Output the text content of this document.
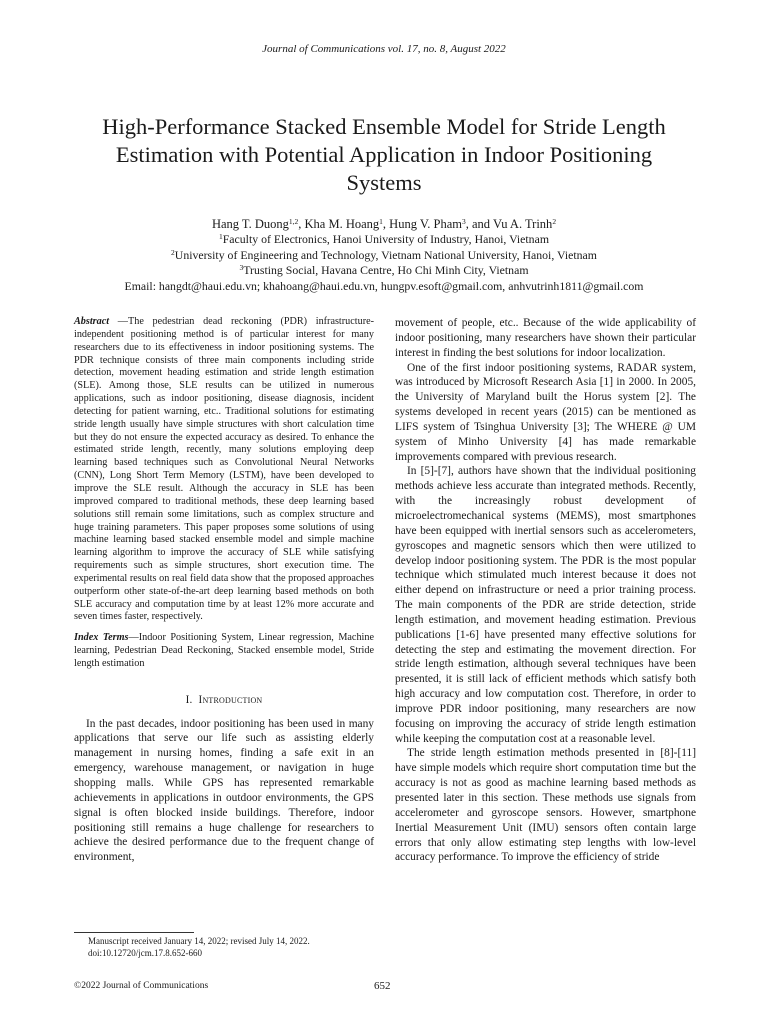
Journal of Communications vol. 17, no. 8, August 2022
High-Performance Stacked Ensemble Model for Stride Length Estimation with Potential Application in Indoor Positioning Systems
Hang T. Duong$^{1,2}$, Kha M. Hoang$^1$, Hung V. Pham$^3$, and Vu A. Trinh$^2$
$^1$Faculty of Electronics, Hanoi University of Industry, Hanoi, Vietnam
$^2$University of Engineering and Technology, Vietnam National University, Hanoi, Vietnam
$^3$Trusting Social, Havana Centre, Ho Chi Minh City, Vietnam
Email: hangdt@haui.edu.vn; khahoang@haui.edu.vn, hungpv.esoft@gmail.com, anhvutrinh1811@gmail.com

Abstract —The pedestrian dead reckoning (PDR) infrastructure-independent positioning method is of particular interest for many researchers due to its effectiveness in indoor positioning systems. The PDR technique consists of three main components including stride detection, movement heading estimation and stride length estimation (SLE). Among those, SLE results can be utilized in numerous applications, such as indoor positioning, disease diagnosis, incident detecting for patient warning, etc.. Traditional solutions for estimating stride length usually have simple structures with short calculation time but they do not ensure the expected accuracy as desired. To enhance the estimated stride length, recently, many solutions employing deep learning based techniques such as Convolutional Neural Networks (CNN), Long Short Term Memory (LSTM), have been developed to improve the SLE result. Although the accuracy in SLE has been improved compared to traditional methods, these deep learning based solutions still remain some limitations, such as complex structure and huge training parameters. This paper proposes some solutions of using machine learning based stacked ensemble model and simple machine learning algorithm to improve the accuracy of SLE while satisfying requirements such as simple structures, short execution time. The experimental results on real field data show that the proposed approaches outperform other state-of-the-art deep learning based methods on both SLE accuracy and computation time by at least 12% more accurate and seven times faster, respectively.

Index Terms—Indoor Positioning System, Linear regression, Machine learning, Pedestrian Dead Reckoning, Stacked ensemble model, Stride length estimation

I. Introduction

In the past decades, indoor positioning has been used in many applications that serve our life such as assisting elderly management in nursing homes, finding a safe exit in an emergency, warehouse management, or navigation in huge shopping malls. While GPS has represented remarkable achievements in applications in outdoor environments, the GPS signal is often blocked inside buildings. Therefore, indoor positioning still remains a huge challenge for researchers to achieve the desired performance due to the frequent change of environment,

movement of people, etc.. Because of the wide applicability of indoor positioning, many researchers have shown their particular interest in finding the best solutions for indoor localization.

One of the first indoor positioning systems, RADAR system, was introduced by Microsoft Research Asia [1] in 2000. In 2005, the University of Maryland built the Horus system [2]. The systems developed in recent years (2015) can be mentioned as LIFS system of Tsinghua University [3]; The WHERE @ UM system of Minho University [4] has made remarkable improvements compared with previous research.

In [5]-[7], authors have shown that the individual positioning methods achieve less accurate than integrated methods. Recently, with the increasingly robust development of microelectromechanical systems (MEMS), most smartphones have been equipped with inertial sensors such as accelerometers, gyroscopes and magnetic sensors which then were utilized to develop indoor positioning system. The PDR is the most popular technique which stimulated much interest because it does not either depend on infrastructure or need a prior training process. The main components of the PDR are stride detection, stride length estimation, and movement heading estimation. Previous publications [1-6] have presented many effective solutions for detecting the step and estimating the movement direction. For stride length estimation, although several techniques have been presented, it is still lack of efficient methods which satisfy both high accuracy and low computation cost. Therefore, in order to improve PDR indoor positioning, many researchers are now focusing on improving the accuracy of stride length estimation while keeping the computation cost at a reasonable level.

The stride length estimation methods presented in [8]-[11] have simple models which require short computation time but the accuracy is not as good as machine learning based methods as presented later in this section. These methods use signals from accelerometer and gyroscope sensors. However, smartphone Inertial Measurement Unit (IMU) sensors often contain large errors that only allow estimating step lengths with low-level accuracy performance. To improve the efficiency of stride

Manuscript received January 14, 2022; revised July 14, 2022.
doi:10.12720/jcm.17.8.652-660
©2022 Journal of Communications	652
